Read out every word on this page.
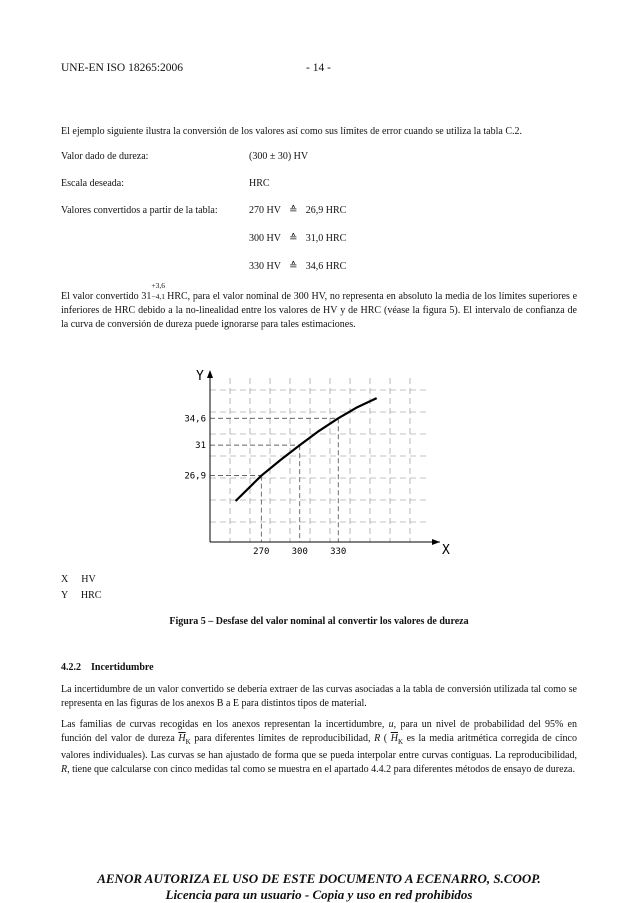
UNE-EN ISO 18265:2006	- 14 -
El ejemplo siguiente ilustra la conversión de los valores así como sus límites de error cuando se utiliza la tabla C.2.
Valor dado de dureza:	(300 ± 30) HV
Escala deseada:	HRC
Valores convertidos a partir de la tabla:	270 HV ≙ 26,9 HRC
300 HV ≙ 31,0 HRC
330 HV ≙ 34,6 HRC

El valor convertido 31
+3,6
−4,1 HRC, para el valor nominal de 300 HV, no representa en absoluto la media de los límites superiores e inferiores de HRC debido a la no-linealidad entre los valores de HV y de HRC (véase la figura 5). El intervalo de confianza de la curva de conversión de dureza puede ignorarse para tales estimaciones.

Y
X
26,9
270
31
300
34,6
330
X HV
Y HRC
Figura 5 – Desfase del valor nominal al convertir los valores de dureza
4.2.2 Incertidumbre

La incertidumbre de un valor convertido se debería extraer de las curvas asociadas a la tabla de conversión utilizada tal como se representa en las figuras de los anexos B a E para distintos tipos de material.

Las familias de curvas recogidas en los anexos representan la incertidumbre, u, para un nivel de probabilidad del 95% en función del valor de dureza $\overline{H}_K$ para diferentes límites de reproducibilidad, R ( $\overline{H}_K$ es la media aritmética corregida de cinco valores individuales). Las curvas se han ajustado de forma que se pueda interpolar entre curvas contiguas. La reproducibilidad, R, tiene que calcularse con cinco medidas tal como se muestra en el apartado 4.4.2 para diferentes métodos de ensayo de dureza.

AENOR AUTORIZA EL USO DE ESTE DOCUMENTO A ECENARRO, S.COOP.
Licencia para un usuario - Copia y uso en red prohibidos
